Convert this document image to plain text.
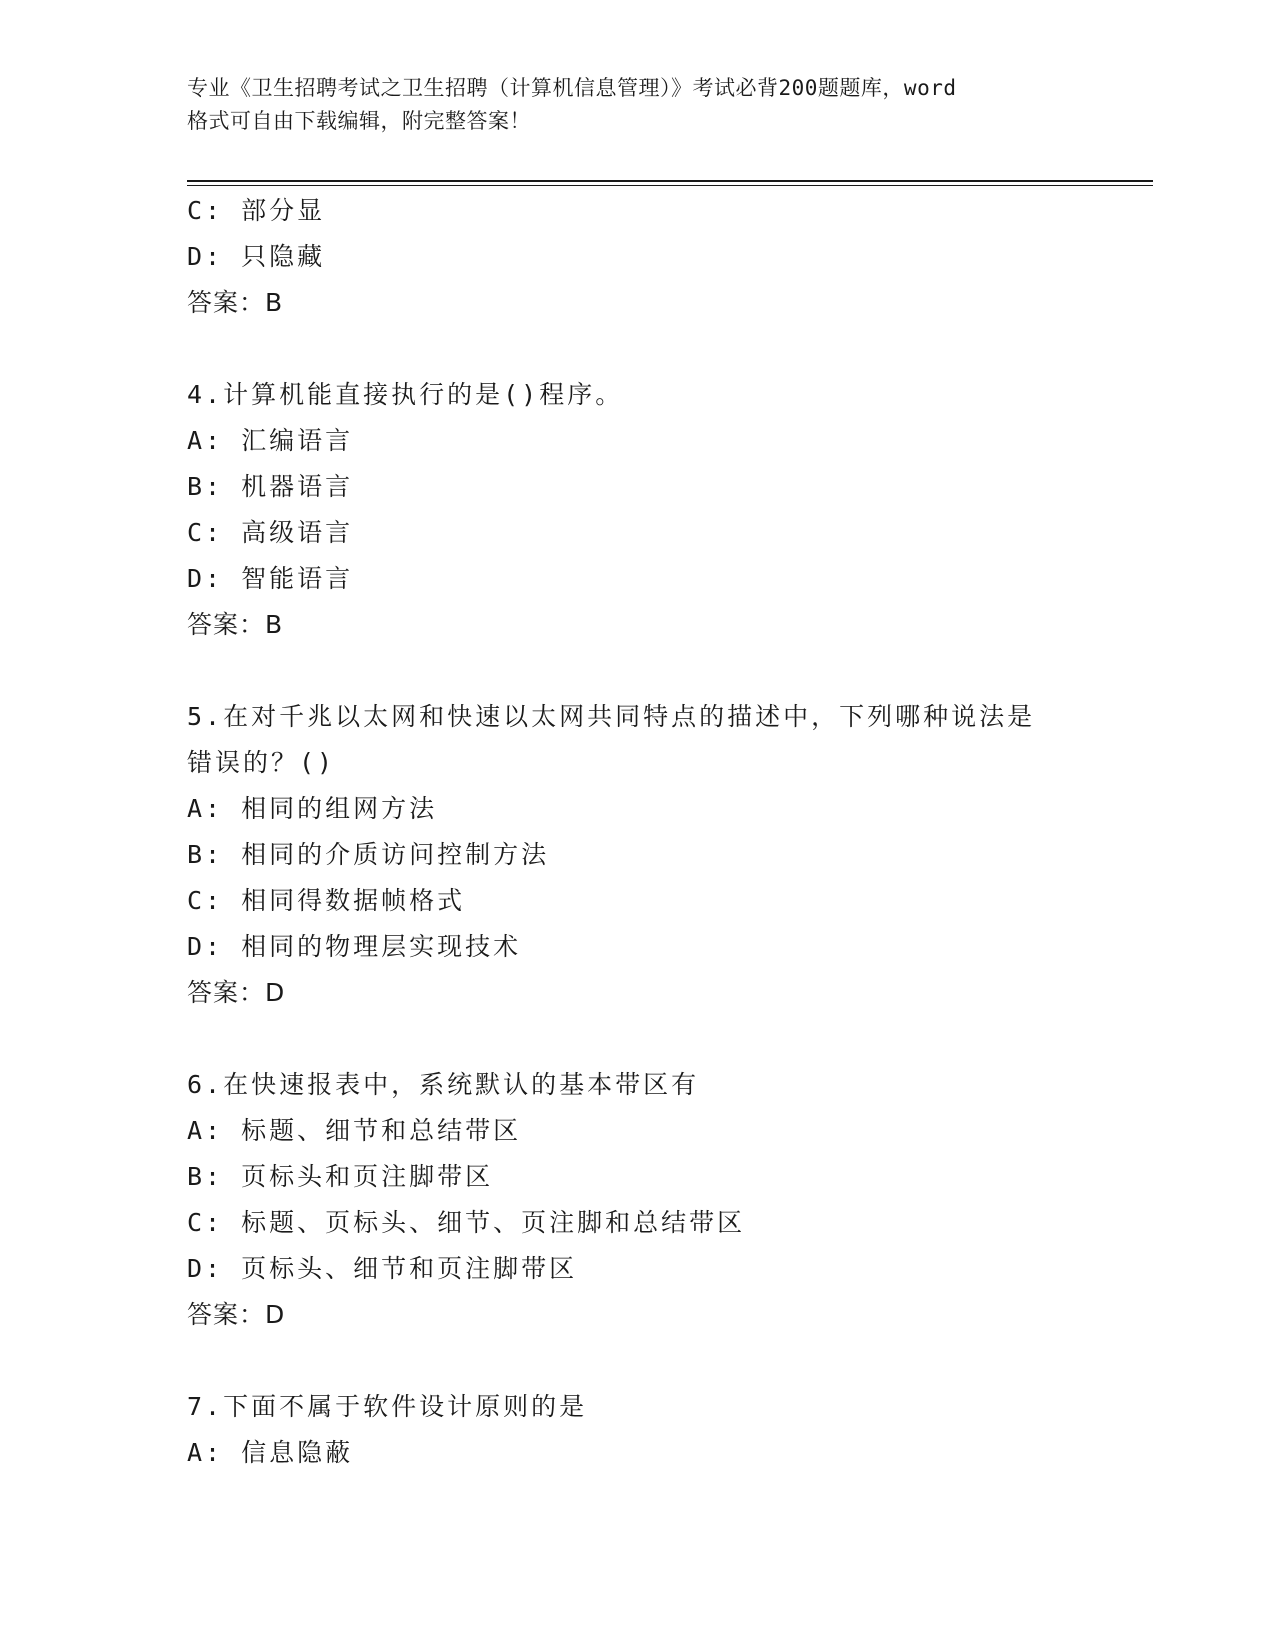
专业《卫生招聘考试之卫生招聘（计算机信息管理）》考试必背200题题库，word
格式可自由下载编辑，附完整答案！
C: 部分显
D: 只隐藏
答案：B
4.计算机能直接执行的是()程序。
A: 汇编语言
B: 机器语言
C: 高级语言
D: 智能语言
答案：B
5.在对千兆以太网和快速以太网共同特点的描述中，下列哪种说法是
错误的？()
A: 相同的组网方法
B: 相同的介质访问控制方法
C: 相同得数据帧格式
D: 相同的物理层实现技术
答案：D
6.在快速报表中，系统默认的基本带区有
A: 标题、细节和总结带区
B: 页标头和页注脚带区
C: 标题、页标头、细节、页注脚和总结带区
D: 页标头、细节和页注脚带区
答案：D
7.下面不属于软件设计原则的是
A: 信息隐蔽
